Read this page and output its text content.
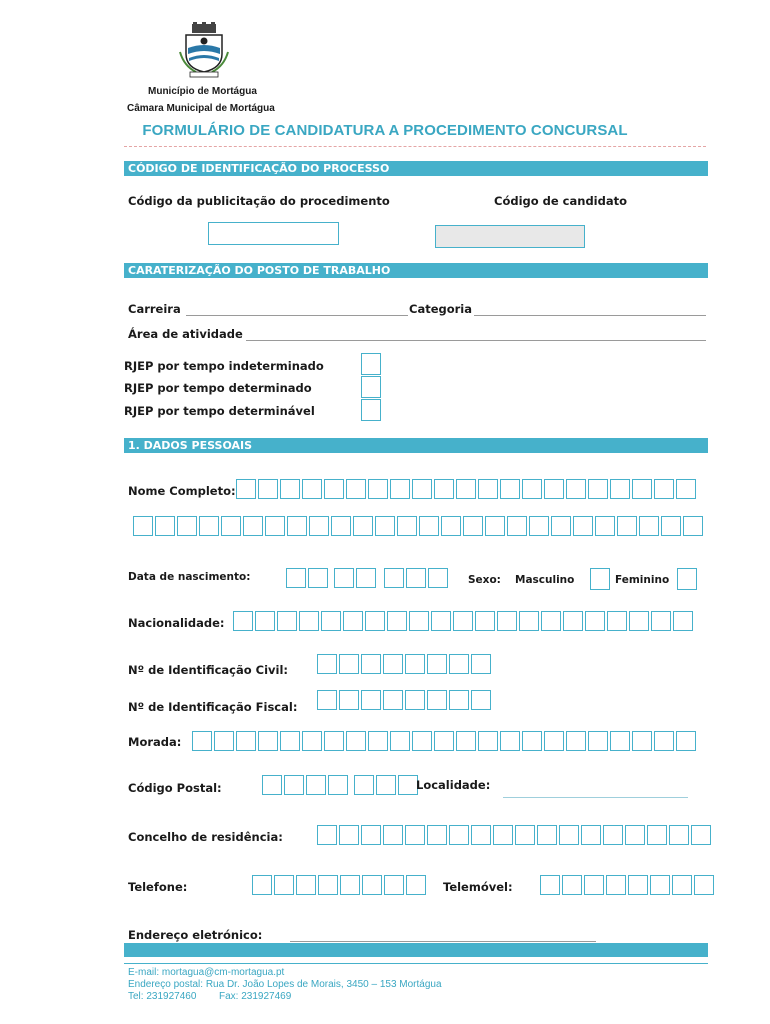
Município de Mortágua
Câmara Municipal de Mortágua
FORMULÁRIO DE CANDIDATURA A PROCEDIMENTO CONCURSAL
CÓDIGO DE IDENTIFICAÇÃO DO PROCESSO
Código da publicitação do procedimento	Código de candidato
CARATERIZAÇÃO DO POSTO DE TRABALHO
Carreira	Categoria
Área de atividade
RJEP por tempo indeterminado
RJEP por tempo determinado
RJEP por tempo determinável
1. DADOS PESSOAIS
Nome Completo:
Data de nascimento:	Sexo: Masculino	Feminino
Nacionalidade:
Nº de Identificação Civil:
Nº de Identificação Fiscal:
Morada:
Código Postal:	Localidade:
Concelho de residência:
Telefone:	Telemóvel:
Endereço eletrónico:
E-mail: mortagua@cm-mortagua.pt
Endereço postal: Rua Dr. João Lopes de Morais, 3450 – 153 Mortágua
Tel: 231927460 Fax: 231927469
